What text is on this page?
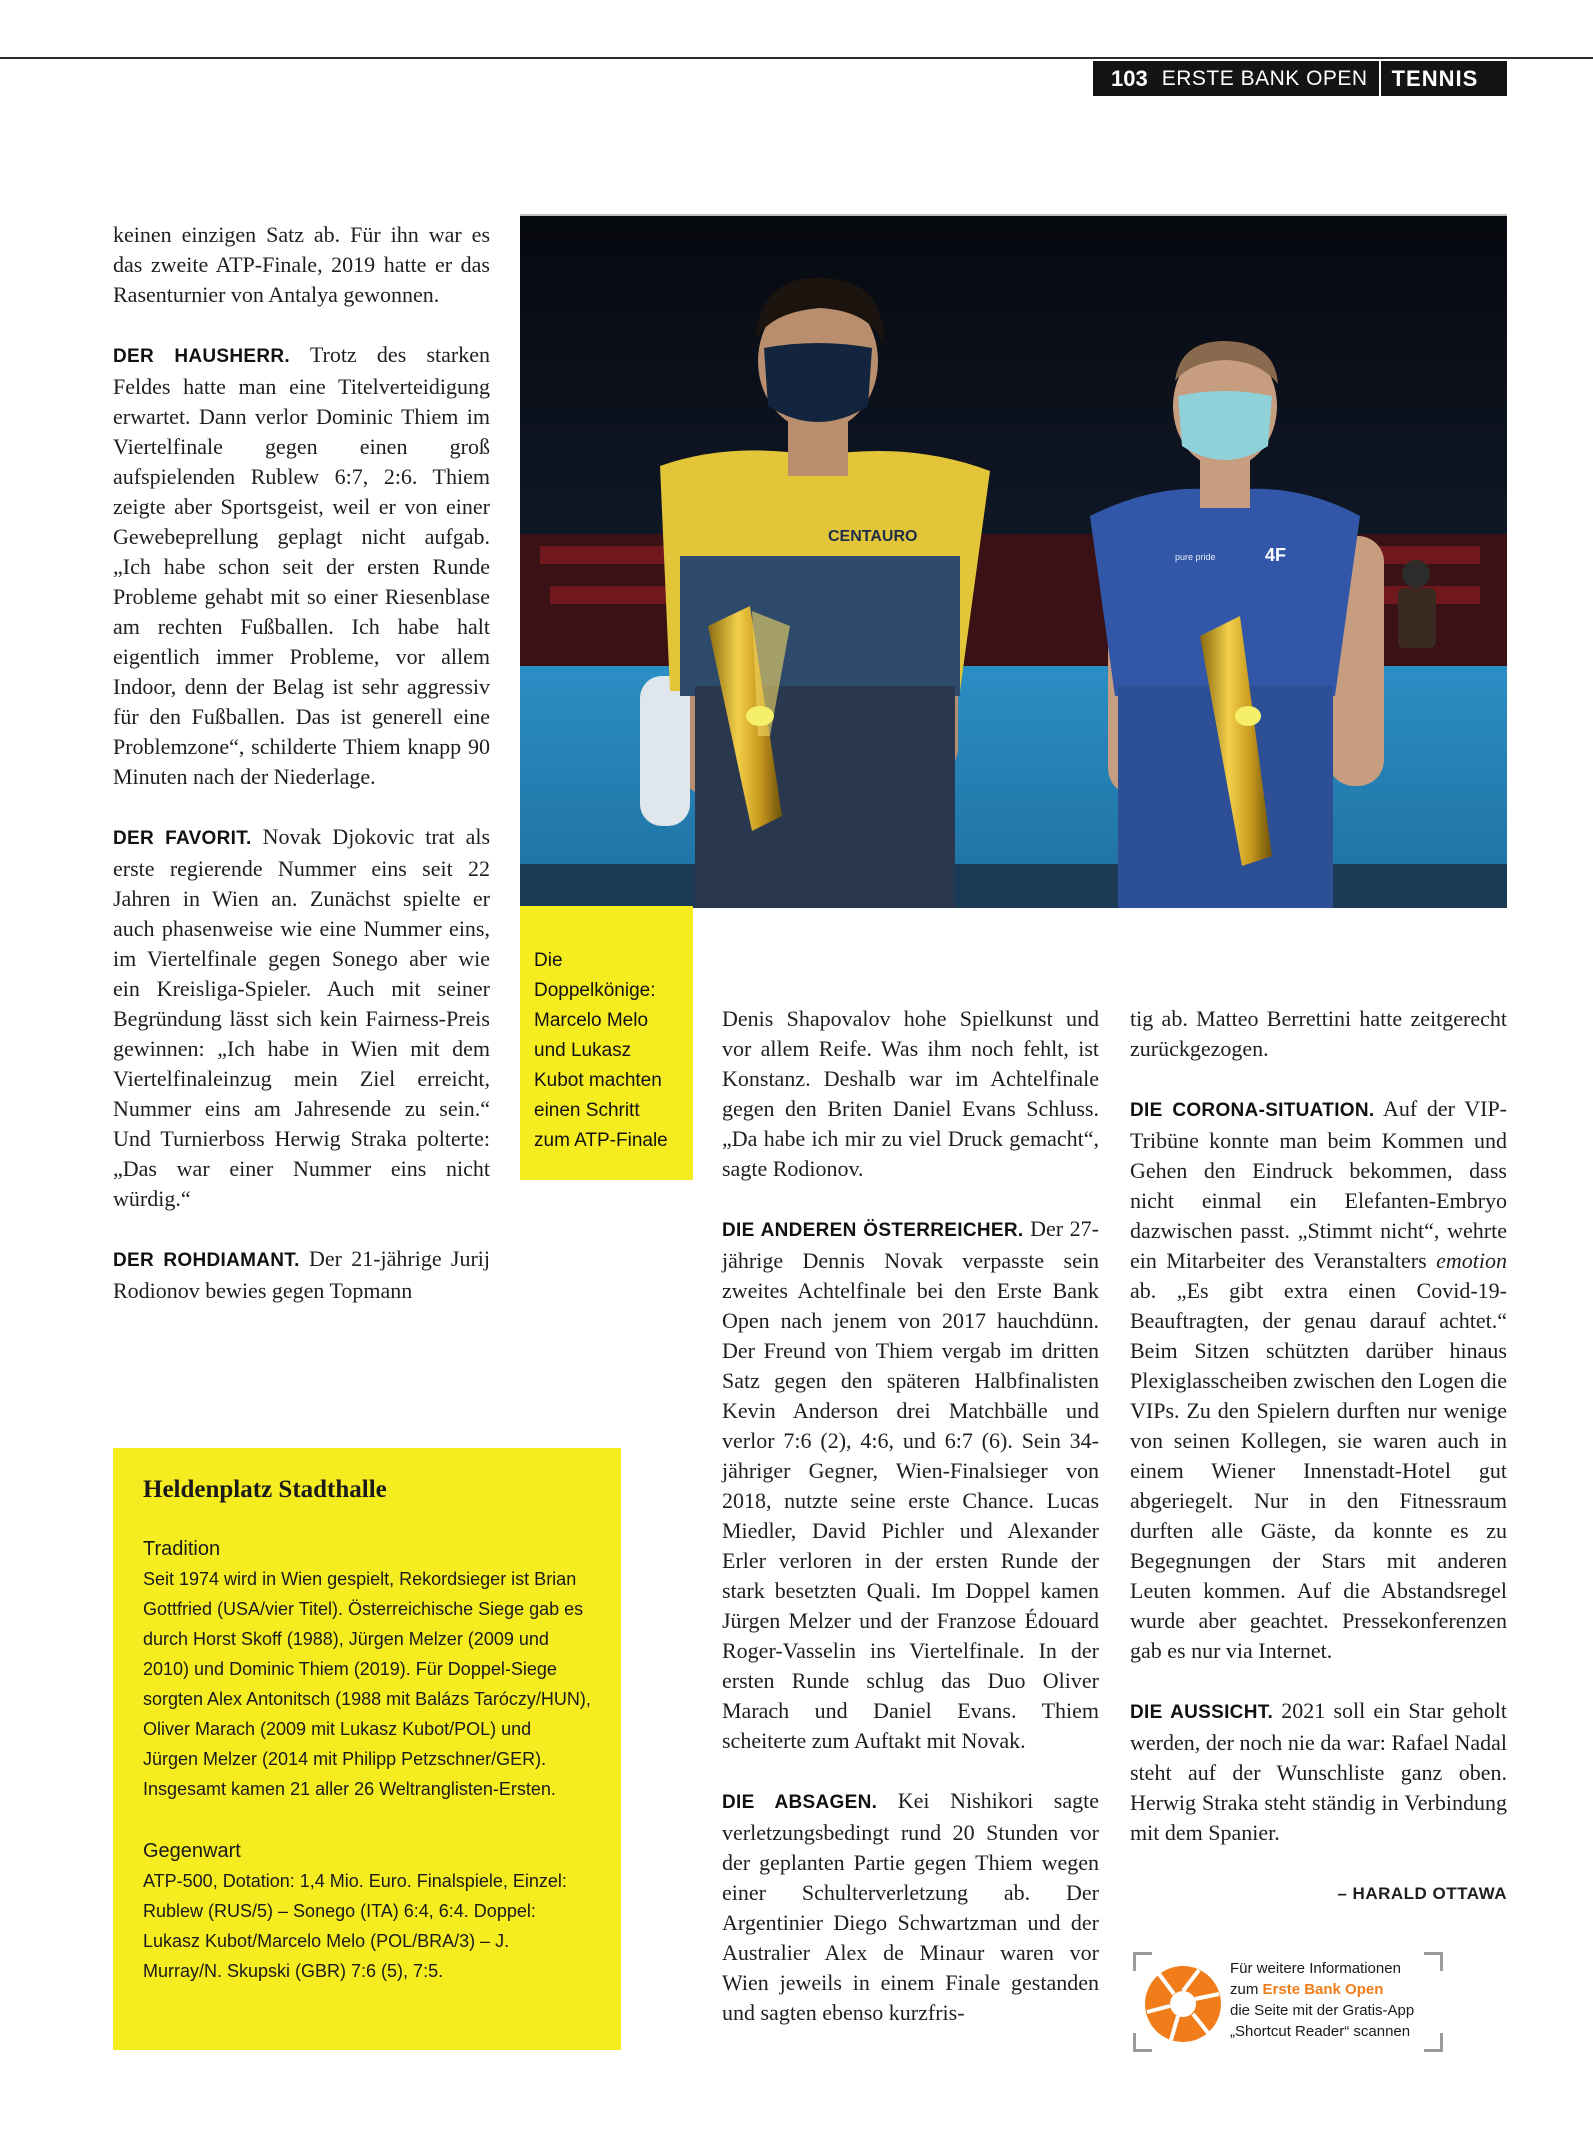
103 ERSTE BANK OPEN TENNIS

keinen einzigen Satz ab. Für ihn war es das zweite ATP-Finale, 2019 hatte er das Rasenturnier von Antalya gewonnen.

DER HAUSHERR. Trotz des starken Feldes hatte man eine Titelverteidigung erwartet. Dann verlor Dominic Thiem im Viertelfinale gegen einen groß aufspielenden Rublew 6:7, 2:6. Thiem zeigte aber Sportsgeist, weil er von einer Gewebeprellung geplagt nicht aufgab. „Ich habe schon seit der ersten Runde Probleme gehabt mit so einer Riesenblase am rechten Fußballen. Ich habe halt eigentlich immer Probleme, vor allem Indoor, denn der Belag ist sehr aggressiv für den Fußballen. Das ist generell eine Problemzone“, schilderte Thiem knapp 90 Minuten nach der Niederlage.

DER FAVORIT. Novak Djokovic trat als erste regierende Nummer eins seit 22 Jahren in Wien an. Zunächst spielte er auch phasenweise wie eine Nummer eins, im Viertelfinale gegen Sonego aber wie ein Kreisliga-Spieler. Auch mit seiner Begründung lässt sich kein Fairness-Preis gewinnen: „Ich habe in Wien mit dem Viertelfinaleinzug mein Ziel erreicht, Nummer eins am Jahresende zu sein.“ Und Turnierboss Herwig Straka polterte: „Das war einer Nummer eins nicht würdig.“

DER ROHDIAMANT. Der 21-jährige Jurij Rodionov bewies gegen Topmann

CENTAURO
4F
pure pride
Die Doppelkönige: Marcelo Melo und Lukasz Kubot machten einen Schritt zum ATP-Finale

Denis Shapovalov hohe Spielkunst und vor allem Reife. Was ihm noch fehlt, ist Konstanz. Deshalb war im Achtelfinale gegen den Briten Daniel Evans Schluss. „Da habe ich mir zu viel Druck gemacht“, sagte Rodionov.

DIE ANDEREN ÖSTERREICHER. Der 27-jährige Dennis Novak verpasste sein zweites Achtelfinale bei den Erste Bank Open nach jenem von 2017 hauchdünn. Der Freund von Thiem vergab im dritten Satz gegen den späteren Halbfinalisten Kevin Anderson drei Matchbälle und verlor 7:6 (2), 4:6, und 6:7 (6). Sein 34-jähriger Gegner, Wien-Finalsieger von 2018, nutzte seine erste Chance. Lucas Miedler, David Pichler und Alexander Erler verloren in der ersten Runde der stark besetzten Quali. Im Doppel kamen Jürgen Melzer und der Franzose Édouard Roger-Vasselin ins Viertelfinale. In der ersten Runde schlug das Duo Oliver Marach und Daniel Evans. Thiem scheiterte zum Auftakt mit Novak.

DIE ABSAGEN. Kei Nishikori sagte verletzungsbedingt rund 20 Stunden vor der geplanten Partie gegen Thiem wegen einer Schulterverletzung ab. Der Argentinier Diego Schwartzman und der Australier Alex de Minaur waren vor Wien jeweils in einem Finale gestanden und sagten ebenso kurzfris-

tig ab. Matteo Berrettini hatte zeitgerecht zurückgezogen.

DIE CORONA-SITUATION. Auf der VIP-Tribüne konnte man beim Kommen und Gehen den Eindruck bekommen, dass nicht einmal ein Elefanten-Embryo dazwischen passt. „Stimmt nicht“, wehrte ein Mitarbeiter des Veranstalters emotion ab. „Es gibt extra einen Covid-19-Beauftragten, der genau darauf achtet.“ Beim Sitzen schützten darüber hinaus Plexiglasscheiben zwischen den Logen die VIPs. Zu den Spielern durften nur wenige von seinen Kollegen, sie waren auch in einem Wiener Innenstadt-Hotel gut abgeriegelt. Nur in den Fitnessraum durften alle Gäste, da konnte es zu Begegnungen der Stars mit anderen Leuten kommen. Auf die Abstandsregel wurde aber geachtet. Pressekonferenzen gab es nur via Internet.

DIE AUSSICHT. 2021 soll ein Star geholt werden, der noch nie da war: Rafael Nadal steht auf der Wunschliste ganz oben. Herwig Straka steht ständig in Verbindung mit dem Spanier.

– HARALD OTTAWA

Heldenplatz Stadthalle

Tradition

Seit 1974 wird in Wien gespielt, Rekordsieger ist Brian Gottfried (USA/vier Titel). Österreichische Siege gab es durch Horst Skoff (1988), Jürgen Melzer (2009 und 2010) und Dominic Thiem (2019). Für Doppel-Siege sorgten Alex Antonitsch (1988 mit Balázs Taróczy/HUN), Oliver Marach (2009 mit Lukasz Kubot/POL) und Jürgen Melzer (2014 mit Philipp Petzschner/GER). Insgesamt kamen 21 aller 26 Weltranglisten-Ersten.

Gegenwart

ATP-500, Dotation: 1,4 Mio. Euro. Finalspiele, Einzel: Rublew (RUS/5) – Sonego (ITA) 6:4, 6:4. Doppel: Lukasz Kubot/Marcelo Melo (POL/BRA/3) – J. Murray/N. Skupski (GBR) 7:6 (5), 7:5.	Für weitere Informationen
zum Erste Bank Open
die Seite mit der Gratis-App
„Shortcut Reader“ scannen
